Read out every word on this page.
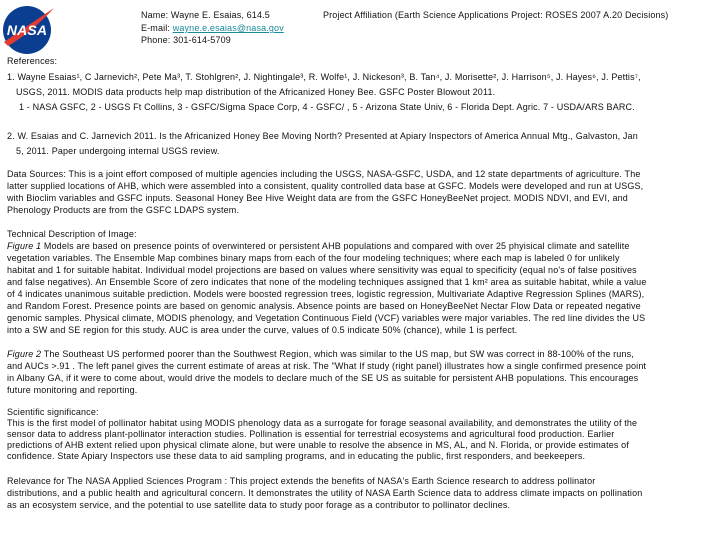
NASA
Name: Wayne E. Esaias, 614.5
E-mail: wayne.e.esaias@nasa.gov
Phone: 301-614-5709
Project Affiliation (Earth Science Applications Project: ROSES 2007 A.20 Decisions)
References:
1. Wayne Esaias¹, C Jarnevich², Pete Ma³, T. Stohlgren², J. Nightingale³, R. Wolfe¹, J. Nickeson³, B. Tan⁴, J. Morisette², J. Harrison⁵, J. Hayes⁶, J. Pettis⁷,
USGS, 2011. MODIS data products help map distribution of the Africanized Honey Bee. GSFC Poster Blowout 2011.
1 - NASA GSFC, 2 - USGS Ft Collins, 3 - GSFC/Sigma Space Corp, 4 - GSFC/ , 5 - Arizona State Univ, 6 - Florida Dept. Agric. 7 - USDA/ARS BARC.
2. W. Esaias and C. Jarnevich 2011. Is the Africanized Honey Bee Moving North? Presented at Apiary Inspectors of America Annual Mtg., Galvaston, Jan
5, 2011. Paper undergoing internal USGS review.
Data Sources: This is a joint effort composed of multiple agencies including the USGS, NASA-GSFC, USDA, and 12 state departments of agriculture. The
latter supplied locations of AHB, which were assembled into a consistent, quality controlled data base at GSFC. Models were developed and run at USGS,
with Bioclim variables and GSFC inputs. Seasonal Honey Bee Hive Weight data are from the GSFC HoneyBeeNet project. MODIS NDVI, and EVI, and
Phenology Products are from the GSFC LDAPS system.
Technical Description of Image:
Figure 1 Models are based on presence points of overwintered or persistent AHB populations and compared with over 25 phyisical climate and satellite
vegetation variables. The Ensemble Map combines binary maps from each of the four modeling techniques; where each map is labeled 0 for unlikely
habitat and 1 for suitable habitat. Individual model projections are based on values where sensitivity was equal to specificity (equal no's of false positives
and false negatives). An Ensemble Score of zero indicates that none of the modeling techniques assigned that 1 km² area as suitable habitat, while a value
of 4 indicates unanimous suitable prediction. Models were boosted regression trees, logistic regression, Multivariate Adaptive Regression Splines (MARS),
and Random Forest. Presence points are based on genomic analysis. Absence points are based on HoneyBeeNet Nectar Flow Data or repeated negative
genomic samples. Physical climate, MODIS phenology, and Vegetation Continuous Field (VCF) variables were major variables. The red line divides the US
into a SW and SE region for this study. AUC is area under the curve, values of 0.5 indicate 50% (chance), while 1 is perfect.
Figure 2 The Southeast US performed poorer than the Southwest Region, which was similar to the US map, but SW was correct in 88-100% of the runs,
and AUCs >.91 . The left panel gives the current estimate of areas at risk. The "What If study (right panel) illustrates how a single confirmed presence point
in Albany GA, if it were to come about, would drive the models to declare much of the SE US as suitable for persistent AHB populations. This encourages
future monitoring and reporting.
Scientific significance:
This is the first model of pollinator habitat using MODIS phenology data as a surrogate for forage seasonal availability, and demonstrates the utility of the
sensor data to address plant-pollinator interaction studies. Pollination is essential for terrestrial ecosystems and agricultural food production. Earlier
predictions of AHB extent relied upon physical climate alone, but were unable to resolve the absence in MS, AL, and N. Florida, or provide estimates of
confidence. State Apiary Inspectors use these data to aid sampling programs, and in educating the public, first responders, and beekeepers.
Relevance for The NASA Applied Sciences Program : This project extends the benefits of NASA's Earth Science research to address pollinator
distributions, and a public health and agricultural concern. It demonstrates the utility of NASA Earth Science data to address climate impacts on pollination
as an ecosystem service, and the potential to use satellite data to study poor forage as a contributor to pollinator declines.
